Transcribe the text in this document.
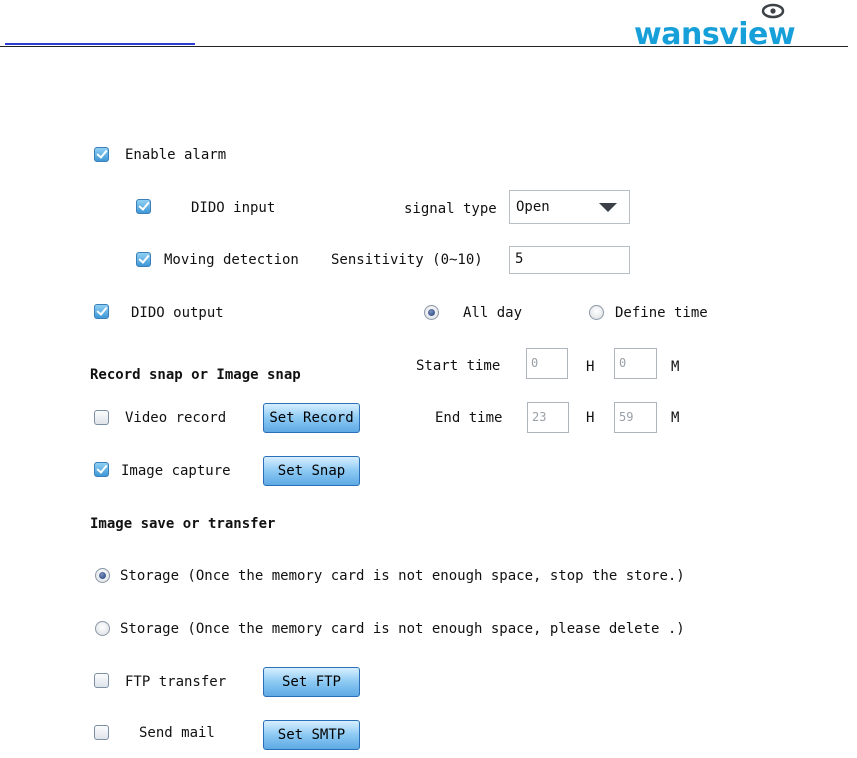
wansview
Enable alarm
DIDO input	signal type Open
Moving detection Sensitivity (0~10)	5
DIDO output	All day	Define time
Record snap or Image snap
Start time	0	H	0	M
Video record	Set Record	End time	23	H	59	M
Image capture	Set Snap
Image save or transfer
Storage (Once the memory card is not enough space, stop the store.)
Storage (Once the memory card is not enough space, please delete .)
FTP transfer	Set FTP
Send mail	Set SMTP
